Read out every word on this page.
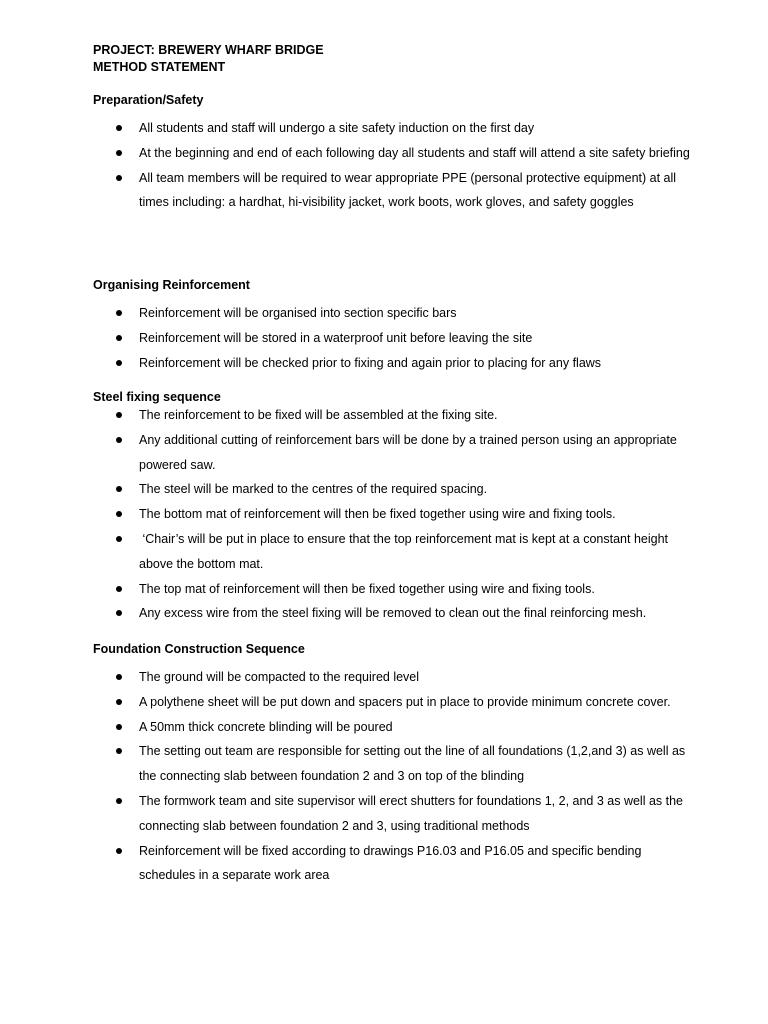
PROJECT: BREWERY WHARF BRIDGE
METHOD STATEMENT
Preparation/Safety
All students and staff will undergo a site safety induction on the first day
At the beginning and end of each following day all students and staff will attend a site safety briefing
All team members will be required to wear appropriate PPE (personal protective equipment) at all times including: a hardhat, hi-visibility jacket, work boots, work gloves, and safety goggles
Organising Reinforcement
Reinforcement will be organised into section specific bars
Reinforcement will be stored in a waterproof unit before leaving the site
Reinforcement will be checked prior to fixing and again prior to placing for any flaws
Steel fixing sequence
The reinforcement to be fixed will be assembled at the fixing site.
Any additional cutting of reinforcement bars will be done by a trained person using an appropriate powered saw.
The steel will be marked to the centres of the required spacing.
The bottom mat of reinforcement will then be fixed together using wire and fixing tools.
‘Chair’s will be put in place to ensure that the top reinforcement mat is kept at a constant height above the bottom mat.
The top mat of reinforcement will then be fixed together using wire and fixing tools.
Any excess wire from the steel fixing will be removed to clean out the final reinforcing mesh.
Foundation Construction Sequence
The ground will be compacted to the required level
A polythene sheet will be put down and spacers put in place to provide minimum concrete cover.
A 50mm thick concrete blinding will be poured
The setting out team are responsible for setting out the line of all foundations (1,2,and 3) as well as the connecting slab between foundation 2 and 3 on top of the blinding
The formwork team and site supervisor will erect shutters for foundations 1, 2, and 3 as well as the connecting slab between foundation 2 and 3, using traditional methods
Reinforcement will be fixed according to drawings P16.03 and P16.05 and specific bending schedules in a separate work area
